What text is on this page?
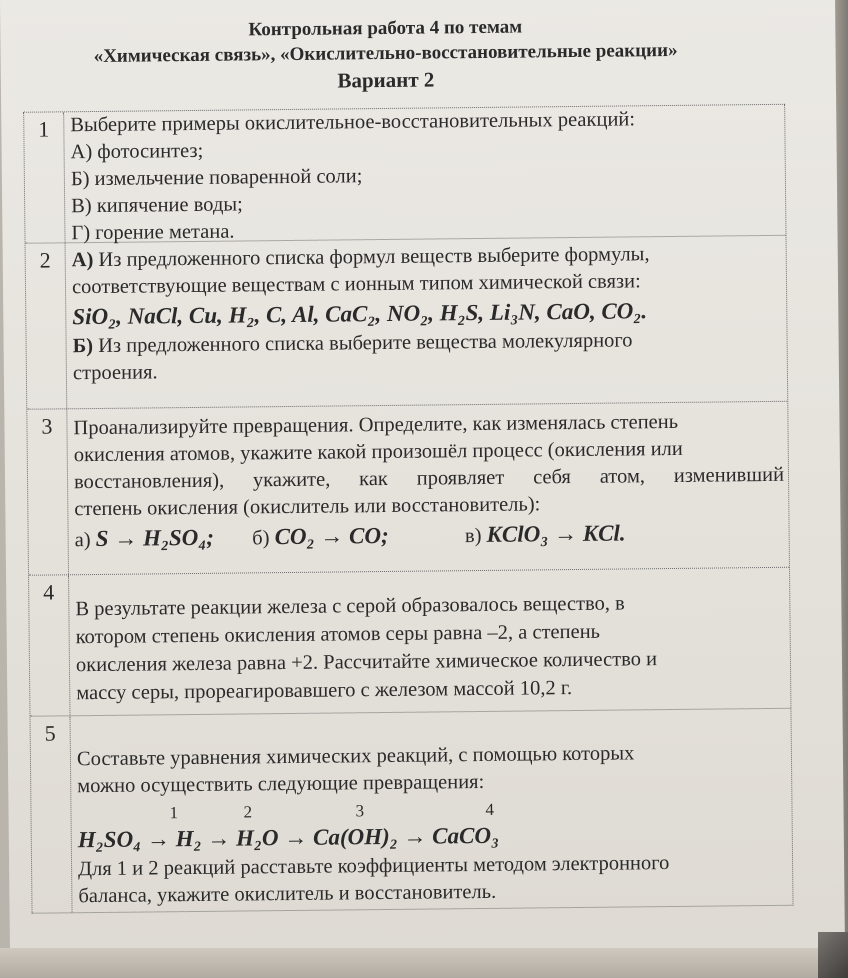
Контрольная работа 4 по темам
«Химическая связь», «Окислительно-восстановительные реакции»
Вариант 2
1	Выберите примеры окислительное-восстановительных реакций:
А) фотосинтез;
Б) измельчение поваренной соли;
В) кипячение воды;
Г) горение метана.
2	А) Из предложенного списка формул веществ выберите формулы,
соответствующие веществам с ионным типом химической связи:
SiO₂, NaCl, Cu, H₂, C, Al, CaC₂, NO₂, H₂S, Li₃N, CaO, CO₂.
Б) Из предложенного списка выберите вещества молекулярного
строения.
3	Проанализируйте превращения. Определите, как изменялась степень
окисления атомов, укажите какой произошёл процесс (окисления или
восстановления), укажите, как проявляет себя атом, изменивший
степень окисления (окислитель или восстановитель):
а) S → H₂SO₄; б) CO₂ → CO;	в) KClO₃ → KCl.
4
В результате реакции железа с серой образовалось вещество, в
котором степень окисления атомов серы равна –2, а степень
окисления железа равна +2. Рассчитайте химическое количество и
массу серы, прореагировавшего с железом массой 10,2 г.
5
Составьте уравнения химических реакций, с помощью которых
можно осуществить следующие превращения:
1	2	3	4
H₂SO₄ → H₂ → H₂O → Ca(OH)₂ → CaCO₃
Для 1 и 2 реакций расставьте коэффициенты методом электронного
баланса, укажите окислитель и восстановитель.
